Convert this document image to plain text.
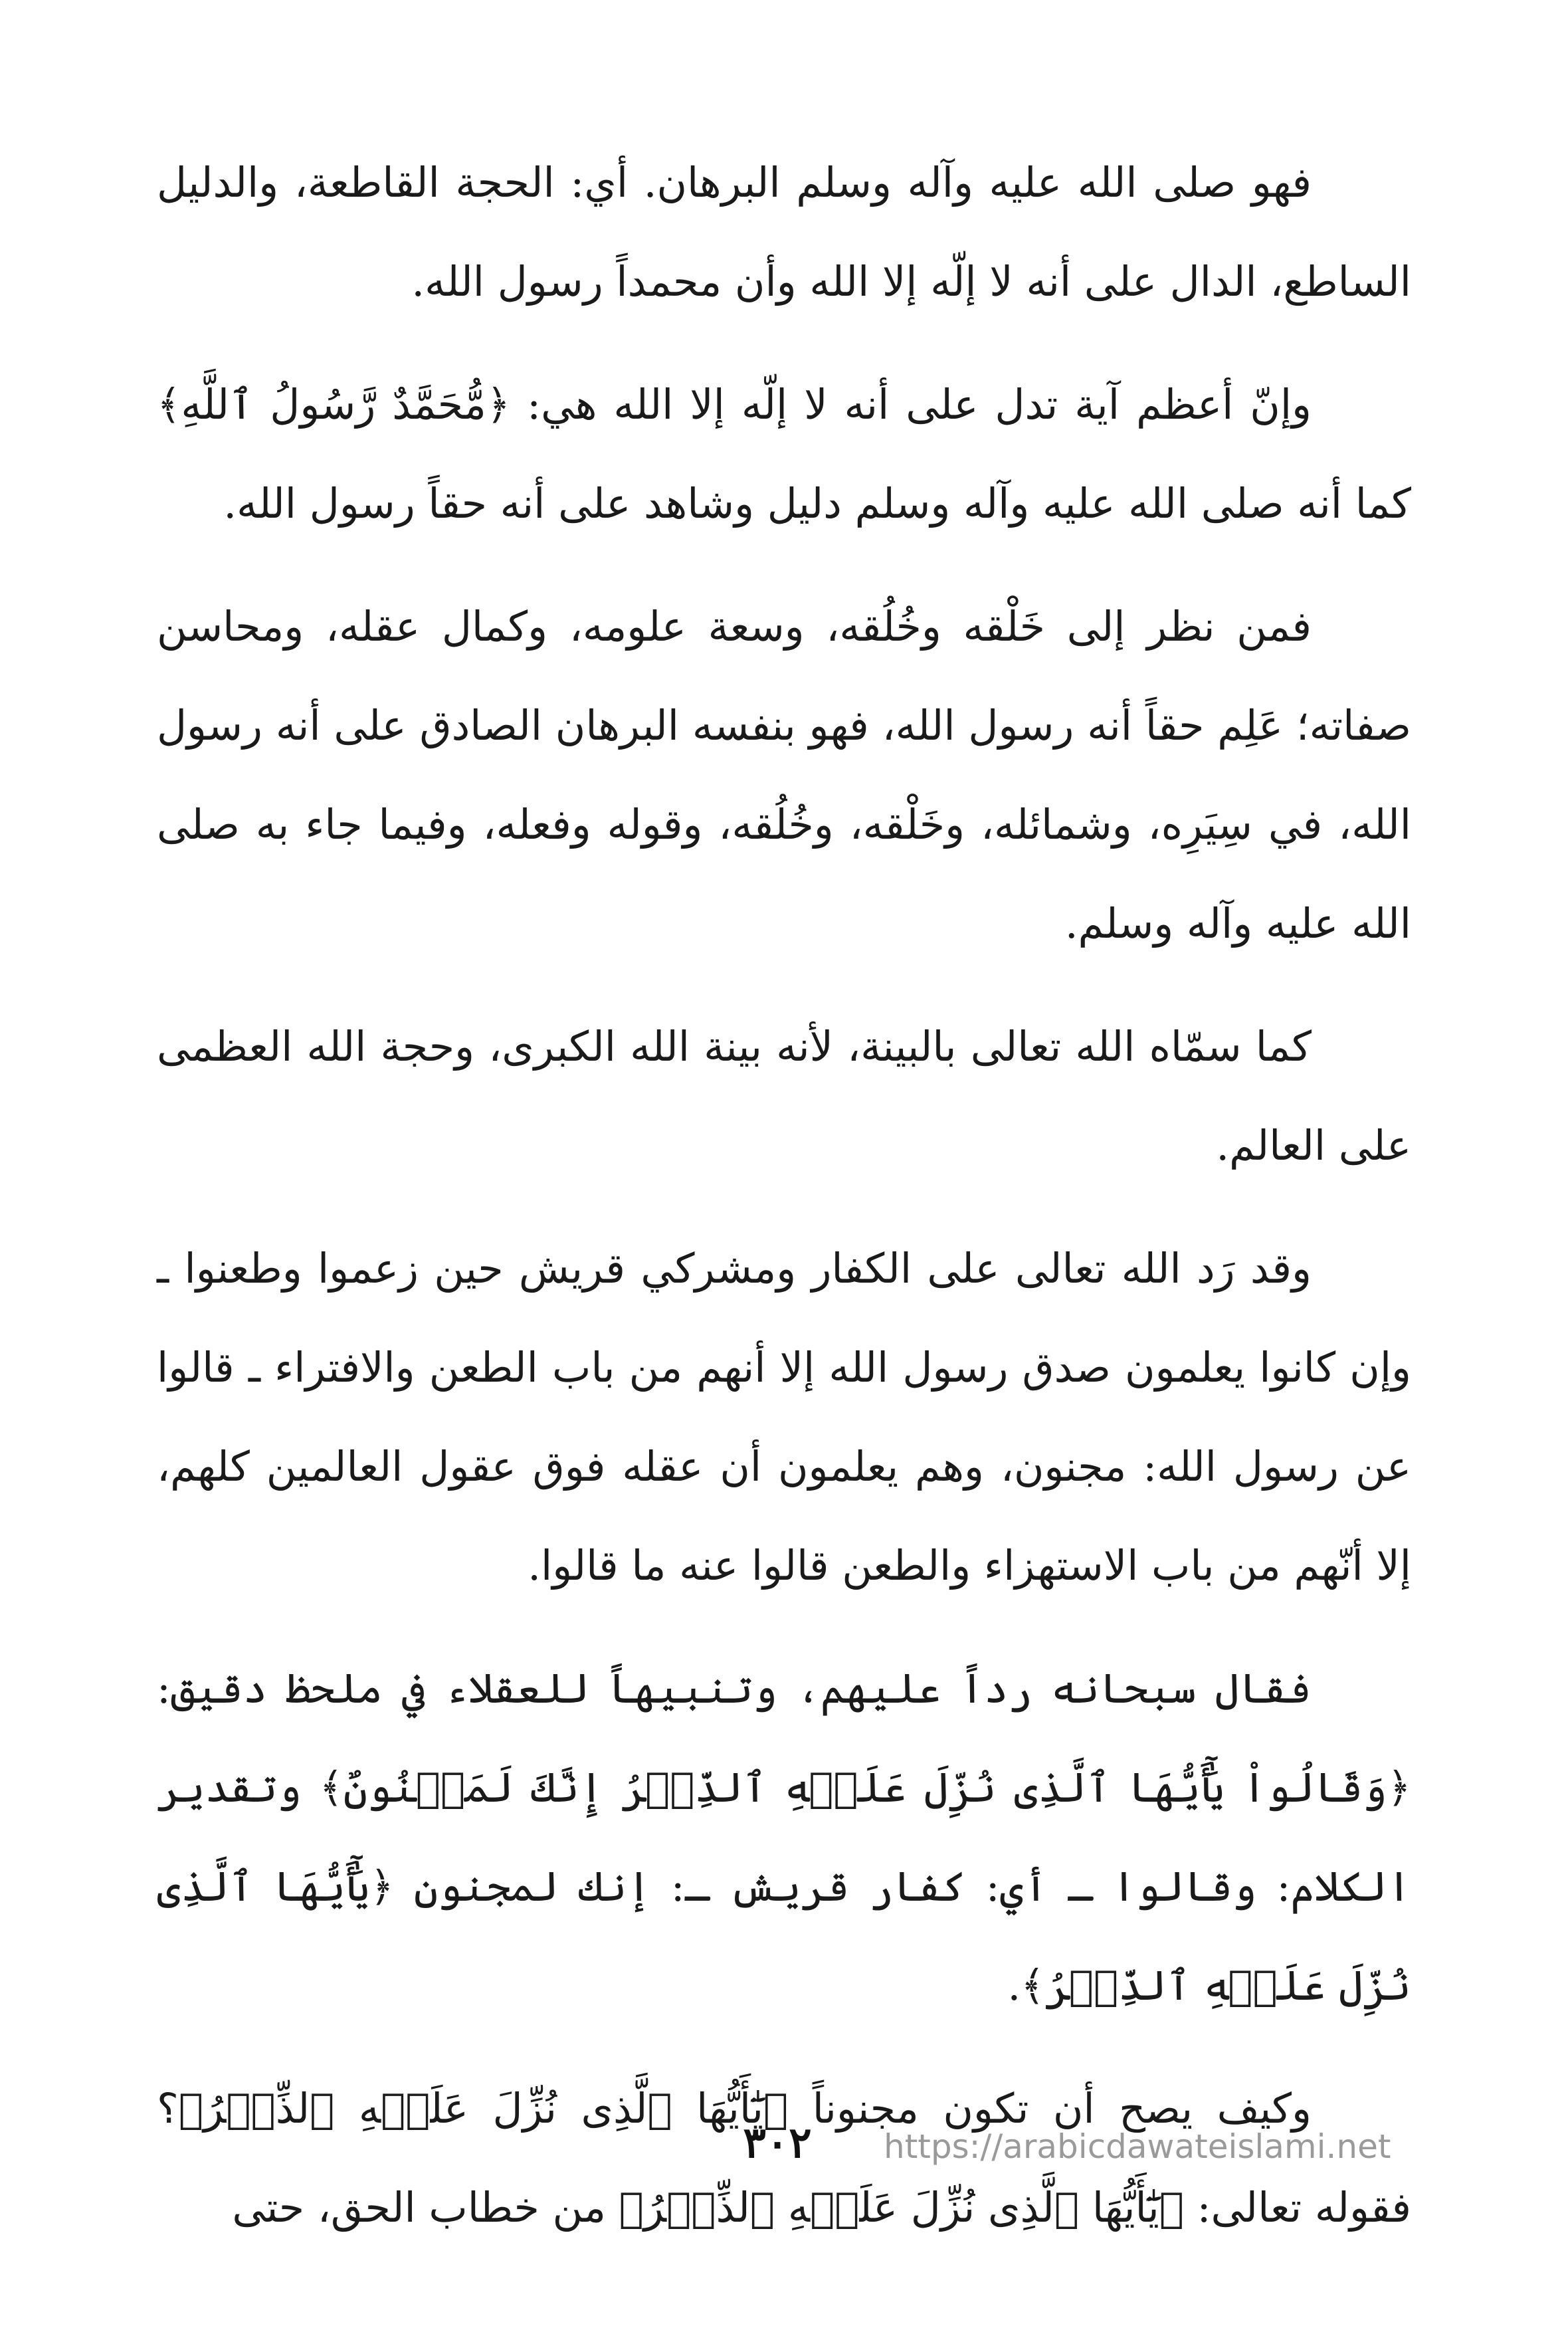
فهو صلى الله عليه وآله وسلم البرهان. أي: الحجة القاطعة، والدليل الساطع، الدال على أنه لا إلّه إلا الله وأن محمداً رسول الله.

وإنّ أعظم آية تدل على أنه لا إلّه إلا الله هي: ﴿مُّحَمَّدٌ رَّسُولُ ٱللَّهِ﴾ كما أنه صلى الله عليه وآله وسلم دليل وشاهد على أنه حقاً رسول الله.

فمن نظر إلى خَلْقه وخُلُقه، وسعة علومه، وكمال عقله، ومحاسن صفاته؛ عَلِم حقاً أنه رسول الله، فهو بنفسه البرهان الصادق على أنه رسول الله، في سِيَرِه، وشمائله، وخَلْقه، وخُلُقه، وقوله وفعله، وفيما جاء به صلى الله عليه وآله وسلم.

كما سمّاه الله تعالى بالبينة، لأنه بينة الله الكبرى، وحجة الله العظمى على العالم.

وقد رَد الله تعالى على الكفار ومشركي قريش حين زعموا وطعنوا ـ وإن كانوا يعلمون صدق رسول الله إلا أنهم من باب الطعن والافتراء ـ قالوا عن رسول الله: مجنون، وهم يعلمون أن عقله فوق عقول العالمين كلهم، إلا أنّهم من باب الاستهزاء والطعن قالوا عنه ما قالوا.

فقال سبحانه رداً عليهم، وتنبيهاً للعقلاء في ملحظ دقيق: ﴿وَقَالُواْ يَٰٓأَيُّهَا ٱلَّذِى نُزِّلَ عَلَيۡهِ ٱلذِّكۡرُ إِنَّكَ لَمَجۡنُونٌ﴾ وتقدير الكلام: وقالوا ـ أي: كفار قريش ـ: إنك لمجنون ﴿يَٰٓأَيُّهَا ٱلَّذِى نُزِّلَ عَلَيۡهِ ٱلذِّكۡرُ﴾.

وكيف يصح أن تكون مجنوناً ﴿يَٰٓأَيُّهَا ٱلَّذِى نُزِّلَ عَلَيۡهِ ٱلذِّكۡرُ﴾؟ فقوله تعالى: ﴿يَٰٓأَيُّهَا ٱلَّذِى نُزِّلَ عَلَيۡهِ ٱلذِّكۡرُ﴾ من خطاب الحق، حتى

٣٠٢	https://arabicdawateislami.net
